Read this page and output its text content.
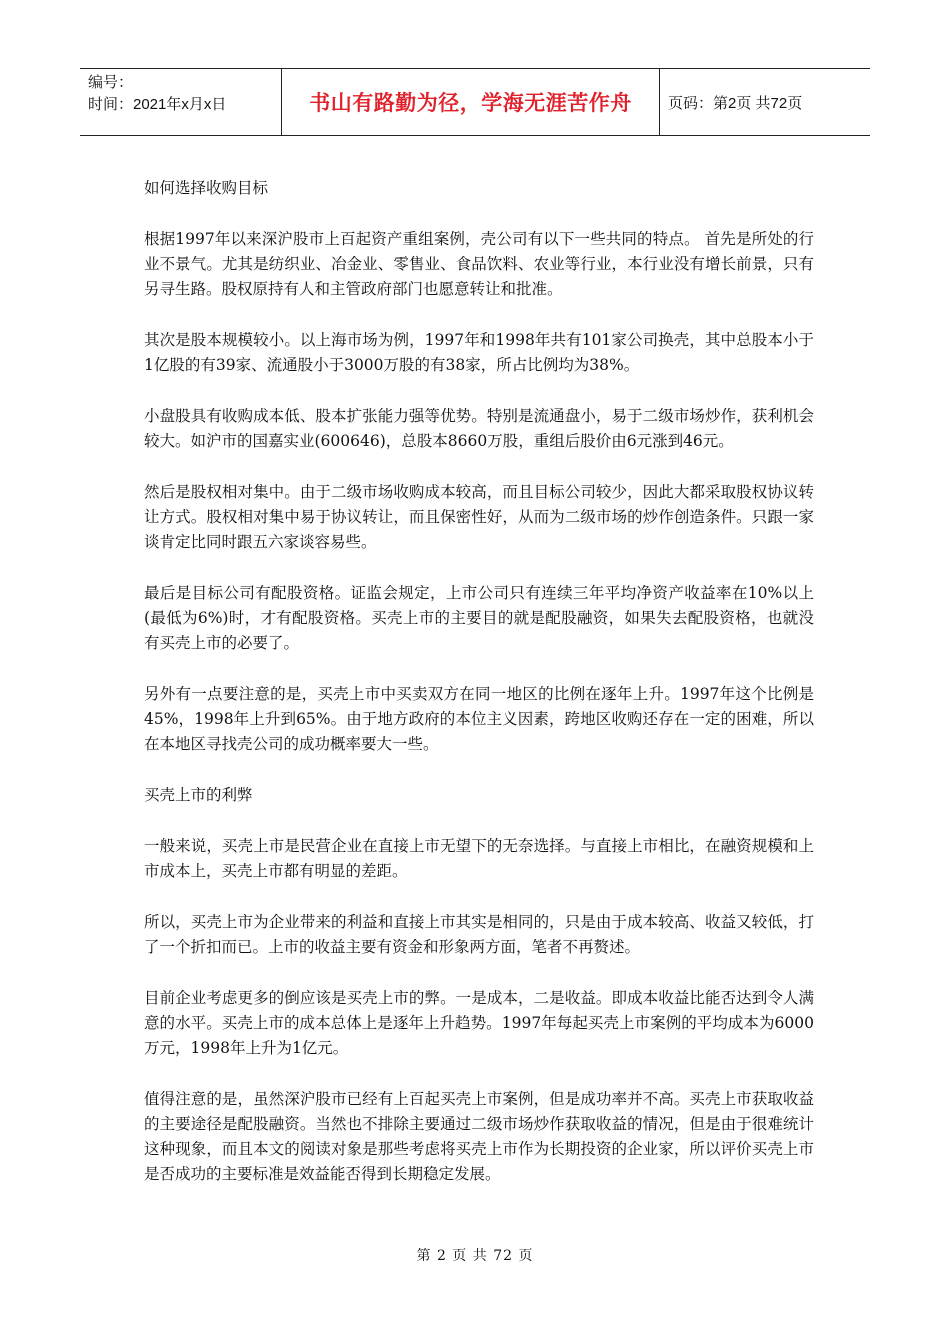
编号：
时间：2021年x月x日	书山有路勤为径，学海无涯苦作舟	页码：第2页 共72页

如何选择收购目标

根据1997年以来深沪股市上百起资产重组案例，壳公司有以下一些共同的特点。 首先是所处的行业不景气。尤其是纺织业、冶金业、零售业、食品饮料、农业等行业，本行业没有增长前景，只有另寻生路。股权原持有人和主管政府部门也愿意转让和批准。

其次是股本规模较小。以上海市场为例，1997年和1998年共有101家公司换壳，其中总股本小于1亿股的有39家、流通股小于3000万股的有38家，所占比例均为38%。

小盘股具有收购成本低、股本扩张能力强等优势。特别是流通盘小，易于二级市场炒作，获利机会较大。如沪市的国嘉实业(600646)，总股本8660万股，重组后股价由6元涨到46元。

然后是股权相对集中。由于二级市场收购成本较高，而且目标公司较少，因此大都采取股权协议转让方式。股权相对集中易于协议转让，而且保密性好，从而为二级市场的炒作创造条件。只跟一家谈肯定比同时跟五六家谈容易些。

最后是目标公司有配股资格。证监会规定，上市公司只有连续三年平均净资产收益率在10%以上(最低为6%)时，才有配股资格。买壳上市的主要目的就是配股融资，如果失去配股资格，也就没有买壳上市的必要了。

另外有一点要注意的是，买壳上市中买卖双方在同一地区的比例在逐年上升。1997年这个比例是45%，1998年上升到65%。由于地方政府的本位主义因素，跨地区收购还存在一定的困难，所以在本地区寻找壳公司的成功概率要大一些。

买壳上市的利弊

一般来说，买壳上市是民营企业在直接上市无望下的无奈选择。与直接上市相比，在融资规模和上市成本上，买壳上市都有明显的差距。

所以，买壳上市为企业带来的利益和直接上市其实是相同的，只是由于成本较高、收益又较低，打了一个折扣而已。上市的收益主要有资金和形象两方面，笔者不再赘述。

目前企业考虑更多的倒应该是买壳上市的弊。一是成本，二是收益。即成本收益比能否达到令人满意的水平。买壳上市的成本总体上是逐年上升趋势。1997年每起买壳上市案例的平均成本为6000万元，1998年上升为1亿元。

值得注意的是，虽然深沪股市已经有上百起买壳上市案例，但是成功率并不高。买壳上市获取收益的主要途径是配股融资。当然也不排除主要通过二级市场炒作获取收益的情况，但是由于很难统计这种现象，而且本文的阅读对象是那些考虑将买壳上市作为长期投资的企业家，所以评价买壳上市是否成功的主要标准是效益能否得到长期稳定发展。

第 2 页 共 72 页
